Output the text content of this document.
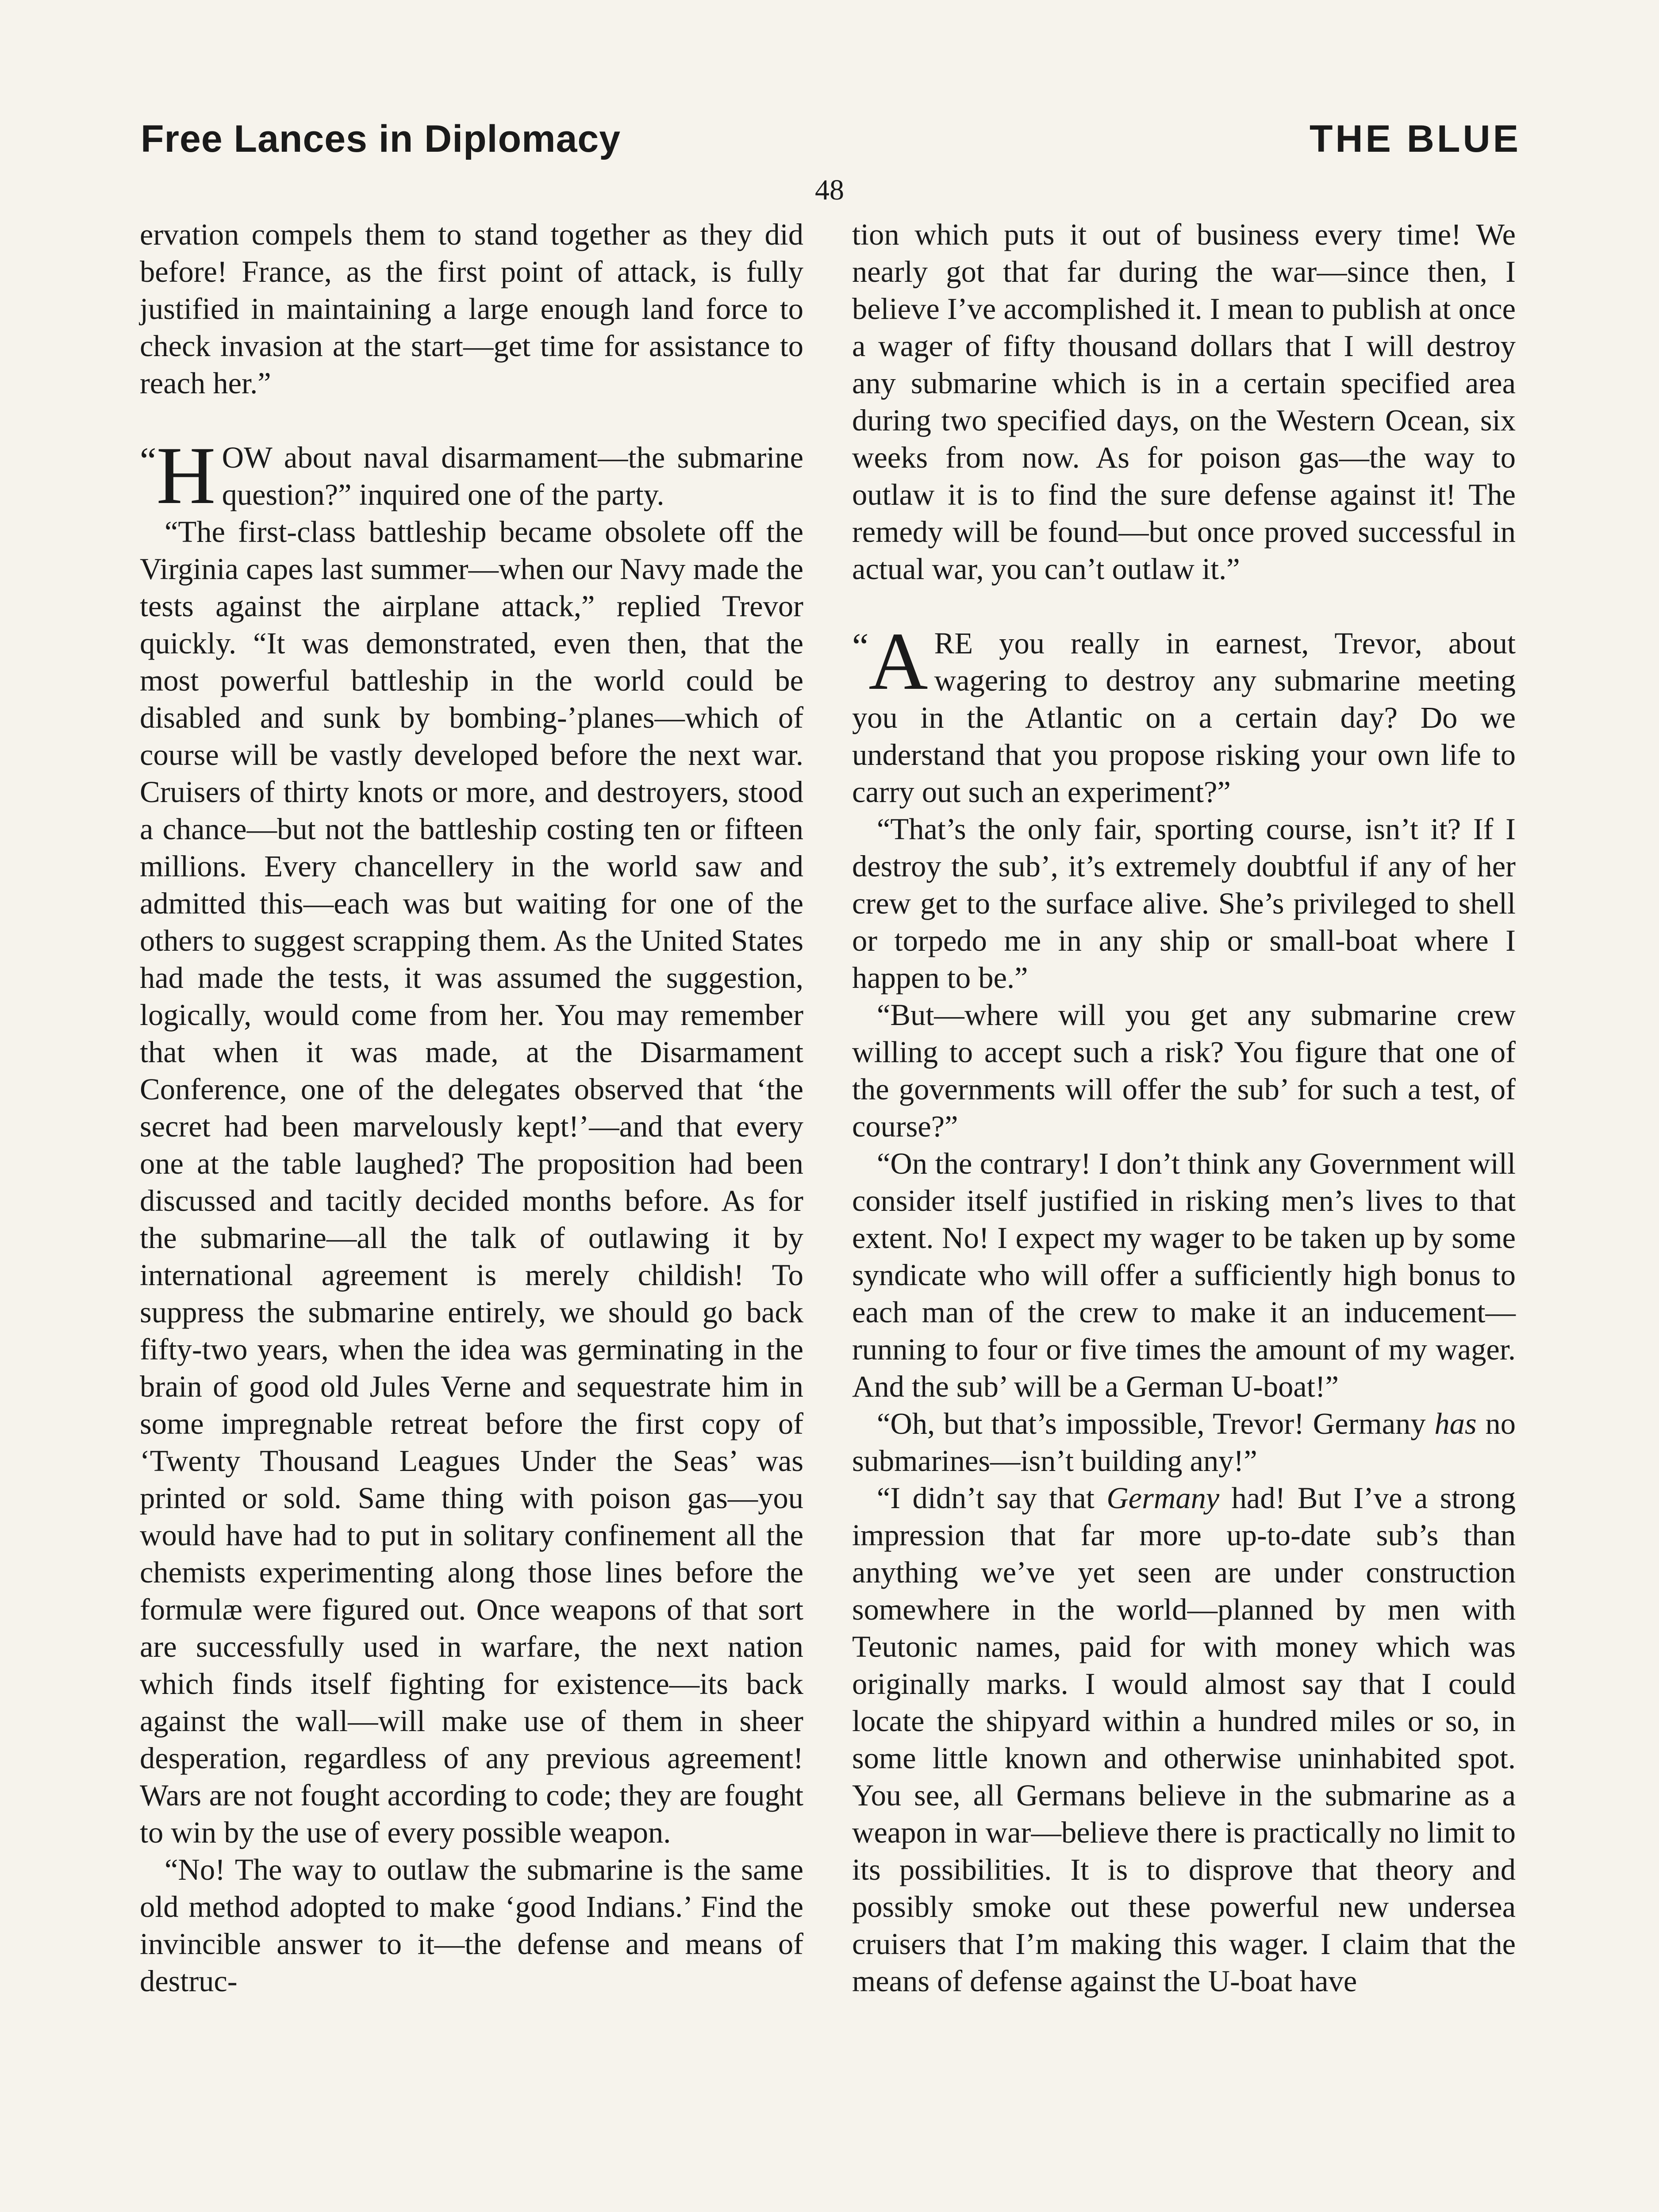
Free Lances in Diplomacy	THE BLUE
48

ervation compels them to stand together as they did before! France, as the first point of attack, is fully justified in maintaining a large enough land force to check invasion at the start—get time for assistance to reach her.”

“H OW about naval disarmament—the submarine question?” inquired one of the party.

“The first-class battleship became obsolete off the Virginia capes last summer—when our Navy made the tests against the airplane attack,” replied Trevor quickly. “It was demonstrated, even then, that the most powerful battleship in the world could be disabled and sunk by bombing-’planes—which of course will be vastly developed before the next war. Cruisers of thirty knots or more, and destroyers, stood a chance—but not the battleship costing ten or fifteen millions. Every chancellery in the world saw and admitted this—each was but waiting for one of the others to suggest scrapping them. As the United States had made the tests, it was assumed the suggestion, logically, would come from her. You may remember that when it was made, at the Disarmament Conference, one of the delegates observed that ‘the secret had been marvelously kept!’—and that every one at the table laughed? The proposition had been discussed and tacitly decided months before. As for the submarine—all the talk of outlawing it by international agreement is merely childish! To suppress the submarine entirely, we should go back fifty-two years, when the idea was germinating in the brain of good old Jules Verne and sequestrate him in some impregnable retreat before the first copy of ‘Twenty Thousand Leagues Under the Seas’ was printed or sold. Same thing with poison gas—you would have had to put in solitary confinement all the chemists experimenting along those lines before the formulæ were figured out. Once weapons of that sort are successfully used in warfare, the next nation which finds itself fighting for existence—its back against the wall—will make use of them in sheer desperation, regardless of any previous agreement! Wars are not fought according to code; they are fought to win by the use of every possible weapon.

“No! The way to outlaw the submarine is the same old method adopted to make ‘good Indians.’ Find the invincible answer to it—the defense and means of destruc-

tion which puts it out of business every time! We nearly got that far during the war—since then, I believe I’ve accomplished it. I mean to publish at once a wager of fifty thousand dollars that I will destroy any submarine which is in a certain specified area during two specified days, on the Western Ocean, six weeks from now. As for poison gas—the way to outlaw it is to find the sure defense against it! The remedy will be found—but once proved successful in actual war, you can’t outlaw it.”

“A RE you really in earnest, Trevor, about wagering to destroy any submarine meeting you in the Atlantic on a certain day? Do we understand that you propose risking your own life to carry out such an experiment?”

“That’s the only fair, sporting course, isn’t it? If I destroy the sub’, it’s extremely doubtful if any of her crew get to the surface alive. She’s privileged to shell or torpedo me in any ship or small-boat where I happen to be.”

“But—where will you get any submarine crew willing to accept such a risk? You figure that one of the governments will offer the sub’ for such a test, of course?”

“On the contrary! I don’t think any Government will consider itself justified in risking men’s lives to that extent. No! I expect my wager to be taken up by some syndicate who will offer a sufficiently high bonus to each man of the crew to make it an inducement—running to four or five times the amount of my wager. And the sub’ will be a German U-boat!”

“Oh, but that’s impossible, Trevor! Germany has no submarines—isn’t building any!”

“I didn’t say that Germany had! But I’ve a strong impression that far more up-to-date sub’s than anything we’ve yet seen are under construction somewhere in the world—planned by men with Teutonic names, paid for with money which was originally marks. I would almost say that I could locate the shipyard within a hundred miles or so, in some little known and otherwise uninhabited spot. You see, all Germans believe in the submarine as a weapon in war—believe there is practically no limit to its possibilities. It is to disprove that theory and possibly smoke out these powerful new undersea cruisers that I’m making this wager. I claim that the means of defense against the U-boat have
